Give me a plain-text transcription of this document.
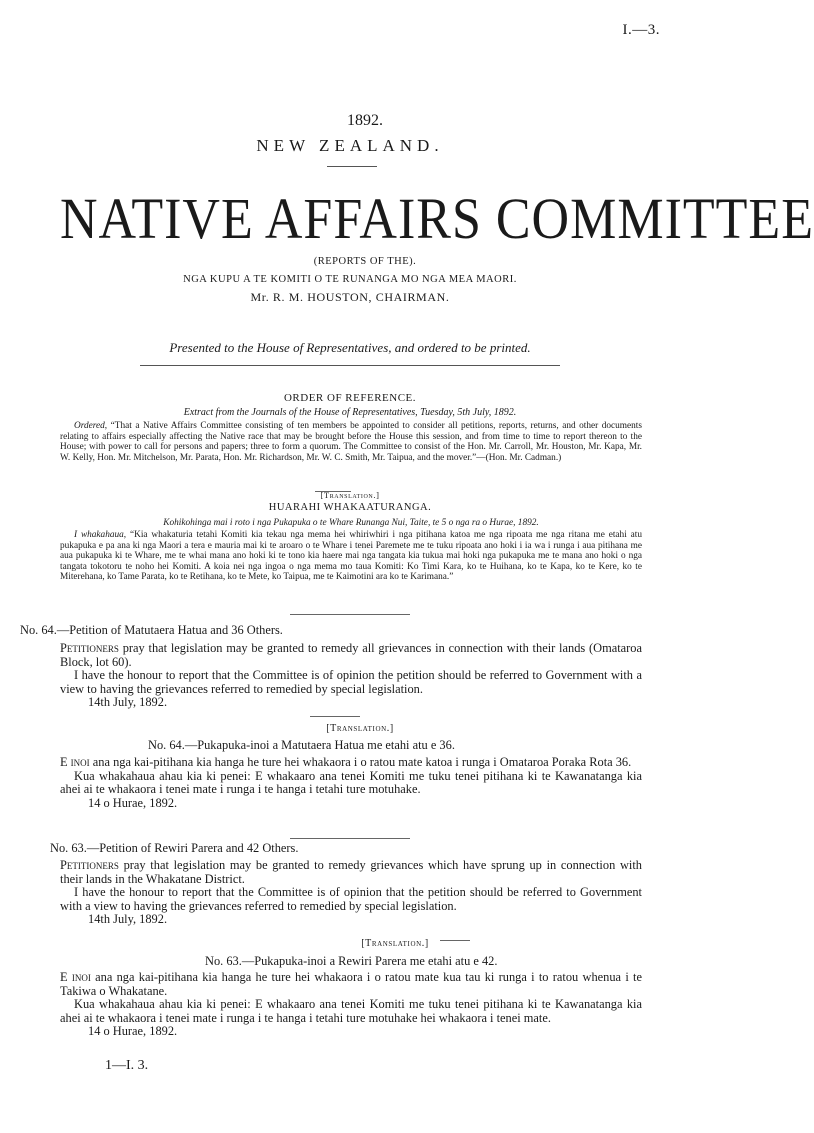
I.—3.
1892.
NEW ZEALAND.
NATIVE AFFAIRS COMMITTEE
(REPORTS OF THE).
NGA KUPU A TE KOMITI O TE RUNANGA MO NGA MEA MAORI.
Mr. R. M. HOUSTON, CHAIRMAN.
Presented to the House of Representatives, and ordered to be printed.
ORDER OF REFERENCE.
Extract from the Journals of the House of Representatives, Tuesday, 5th July, 1892.

Ordered, “That a Native Affairs Committee consisting of ten members be appointed to consider all petitions, reports, returns, and other documents relating to affairs especially affecting the Native race that may be brought before the House this session, and from time to time to report thereon to the House; with power to call for persons and papers; three to form a quorum. The Committee to consist of the Hon. Mr. Carroll, Mr. Houston, Mr. Kapa, Mr. W. Kelly, Hon. Mr. Mitchelson, Mr. Parata, Hon. Mr. Richardson, Mr. W. C. Smith, Mr. Taipua, and the mover.”—(Hon. Mr. Cadman.)

[Translation.]
HUARAHI WHAKAATURANGA.
Kohikohinga mai i roto i nga Pukapuka o te Whare Runanga Nui, Taite, te 5 o nga ra o Hurae, 1892.

I whakahaua, “Kia whakaturia tetahi Komiti kia tekau nga mema hei whiriwhiri i nga pitihana katoa me nga ripoata me nga ritana me etahi atu pukapuka e pa ana ki nga Maori a tera e mauria mai ki te aroaro o te Whare i tenei Paremete me te tuku ripoata ano hoki i ia wa i runga i aua pitihana me aua pukapuka ki te Whare, me te whai mana ano hoki ki te tono kia haere mai nga tangata kia tukua mai hoki nga pukapuka me te mana ano hoki o nga tangata tokotoru te noho hei Komiti. A koia nei nga ingoa o nga mema mo taua Komiti: Ko Timi Kara, ko te Huihana, ko te Kapa, ko te Kere, ko te Miterehana, ko Tame Parata, ko te Retihana, ko te Mete, ko Taipua, me te Kaimotini ara ko te Karimana.”

No. 64.—Petition of Matutaera Hatua and 36 Others.

Petitioners pray that legislation may be granted to remedy all grievances in connection with their lands (Omataroa Block, lot 60).

I have the honour to report that the Committee is of opinion the petition should be referred to Government with a view to having the grievances referred to remedied by special legislation.

14th July, 1892.

[Translation.]
No. 64.—Pukapuka-inoi a Matutaera Hatua me etahi atu e 36.

E inoi ana nga kai-pitihana kia hanga he ture hei whakaora i o ratou mate katoa i runga i Omataroa Poraka Rota 36.

Kua whakahaua ahau kia ki penei: E whakaaro ana tenei Komiti me tuku tenei pitihana ki te Kawanatanga kia ahei ai te whakaora i tenei mate i runga i te hanga i tetahi ture motuhake.

14 o Hurae, 1892.

No. 63.—Petition of Rewiri Parera and 42 Others.

Petitioners pray that legislation may be granted to remedy grievances which have sprung up in connection with their lands in the Whakatane District.

I have the honour to report that the Committee is of opinion that the petition should be referred to Government with a view to having the grievances referred to remedied by special legislation.

14th July, 1892.

[Translation.]
No. 63.—Pukapuka-inoi a Rewiri Parera me etahi atu e 42.

E inoi ana nga kai-pitihana kia hanga he ture hei whakaora i o ratou mate kua tau ki runga i to ratou whenua i te Takiwa o Whakatane.

Kua whakahaua ahau kia ki penei: E whakaaro ana tenei Komiti me tuku tenei pitihana ki te Kawanatanga kia ahei ai te whakaora i tenei mate i runga i te hanga i tetahi ture motuhake hei whakaora i tenei mate.

14 o Hurae, 1892.

1—I. 3.
